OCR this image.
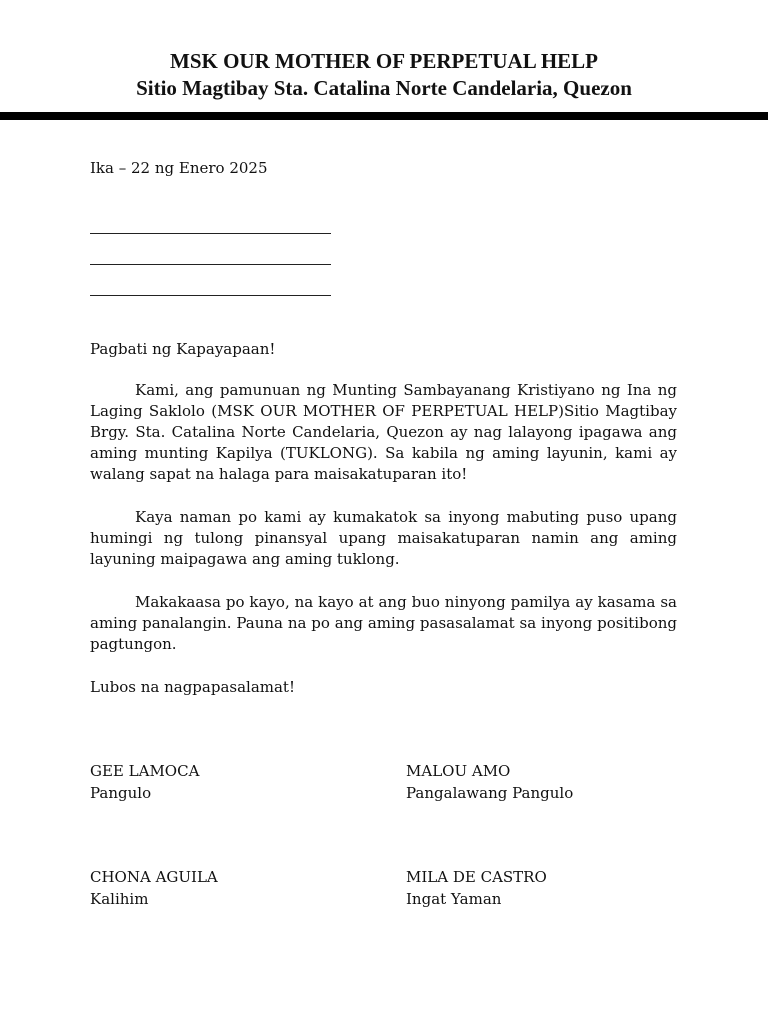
MSK OUR MOTHER OF PERPETUAL HELP
Sitio Magtibay Sta. Catalina Norte Candelaria, Quezon
Ika – 22 ng Enero 2025
Pagbati ng Kapayapaan!
Kami, ang pamunuan ng Munting Sambayanang Kristiyano ng Ina ng Laging Saklolo (MSK OUR MOTHER OF PERPETUAL HELP)Sitio Magtibay Brgy. Sta. Catalina Norte Candelaria, Quezon ay nag lalayong ipagawa ang aming munting Kapilya (TUKLONG). Sa kabila ng aming layunin, kami ay walang sapat na halaga para maisakatuparan ito!
Kaya naman po kami ay kumakatok sa inyong mabuting puso upang humingi ng tulong pinansyal upang maisakatuparan namin ang aming layuning maipagawa ang aming tuklong.
Makakaasa po kayo, na kayo at ang buo ninyong pamilya ay kasama sa aming panalangin. Pauna na po ang aming pasasalamat sa inyong positibong pagtungon.
Lubos na nagpapasalamat!
GEE LAMOCA
Pangulo
MALOU AMO
Pangalawang Pangulo
CHONA AGUILA
Kalihim
MILA DE CASTRO
Ingat Yaman
